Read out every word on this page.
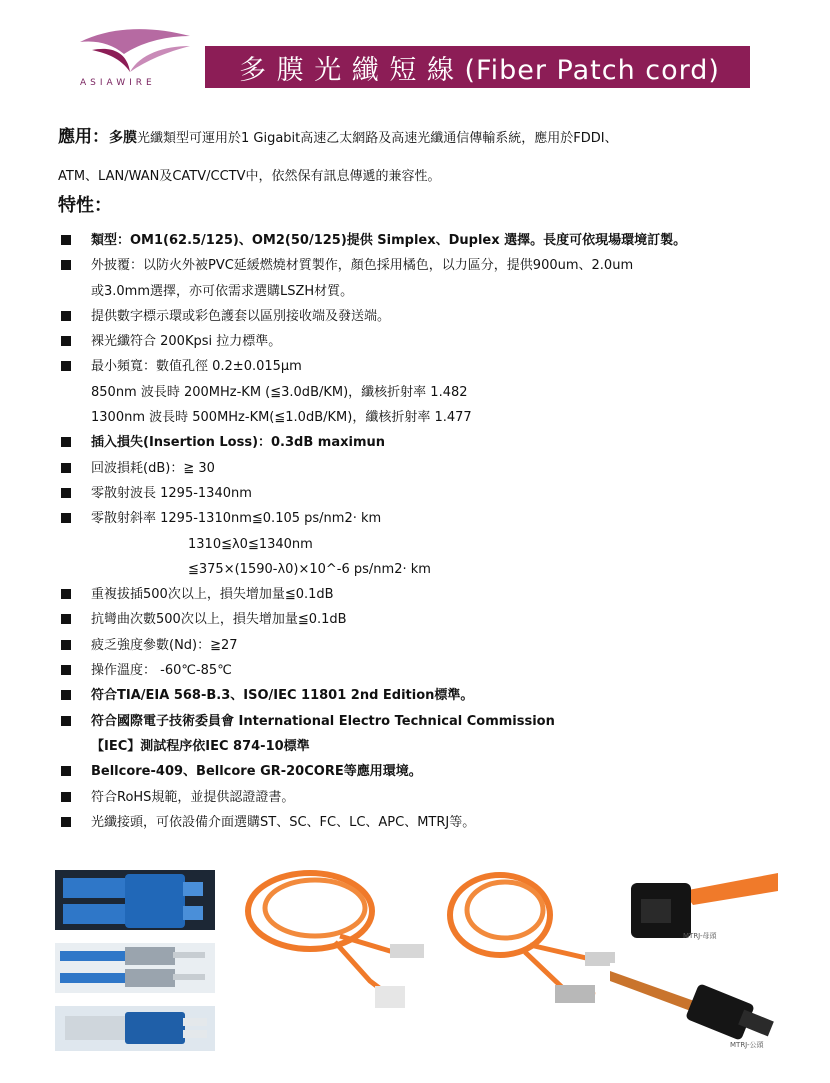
ASIAWIRE	多 膜 光 纖 短 線 (Fiber Patch cord)
應用：多膜光纖類型可運用於1 Gigabit高速乙太網路及高速光纖通信傳輸系統，應用於FDDI、
ATM、LAN/WAN及CATV/CCTV中，依然保有訊息傳遞的兼容性。
特性：
類型：OM1(62.5/125)、OM2(50/125)提供 Simplex、Duplex 選擇。長度可依現場環境訂製。
外披覆：以防火外被PVC延緩燃燒材質製作，顏色採用橘色，以力區分，提供900um、2.0um
或3.0mm選擇，亦可依需求選購LSZH材質。
提供數字標示環或彩色護套以區別接收端及發送端。
裸光纖符合 200Kpsi 拉力標準。
最小頻寬：數值孔徑 0.2±0.015μm
850nm 波長時 200MHz-KM (≦3.0dB/KM)，纖核折射率 1.482
1300nm 波長時 500MHz-KM(≦1.0dB/KM)，纖核折射率 1.477
插入損失(Insertion Loss)：0.3dB maximun
回波損耗(dB)：≧ 30
零散射波長 1295-1340nm
零散射斜率 1295-1310nm≦0.105 ps/nm2‧ km
1310≦λ0≦1340nm
≦375×(1590-λ0)×10^-6 ps/nm2‧ km
重複拔插500次以上，損失增加量≦0.1dB
抗彎曲次數500次以上，損失增加量≦0.1dB
疲乏強度參數(Nd)：≧27
操作溫度： -60℃-85℃
符合TIA/EIA 568-B.3、ISO/IEC 11801 2nd Edition標準。
符合國際電子技術委員會 International Electro Technical Commission
【IEC】測試程序依IEC 874-10標準
Bellcore-409、Bellcore GR-20CORE等應用環境。
符合RoHS規範，並提供認證證書。
光纖接頭，可依設備介面選購ST、SC、FC、LC、APC、MTRJ等。
MTRJ-母頭
MTRJ-公頭
